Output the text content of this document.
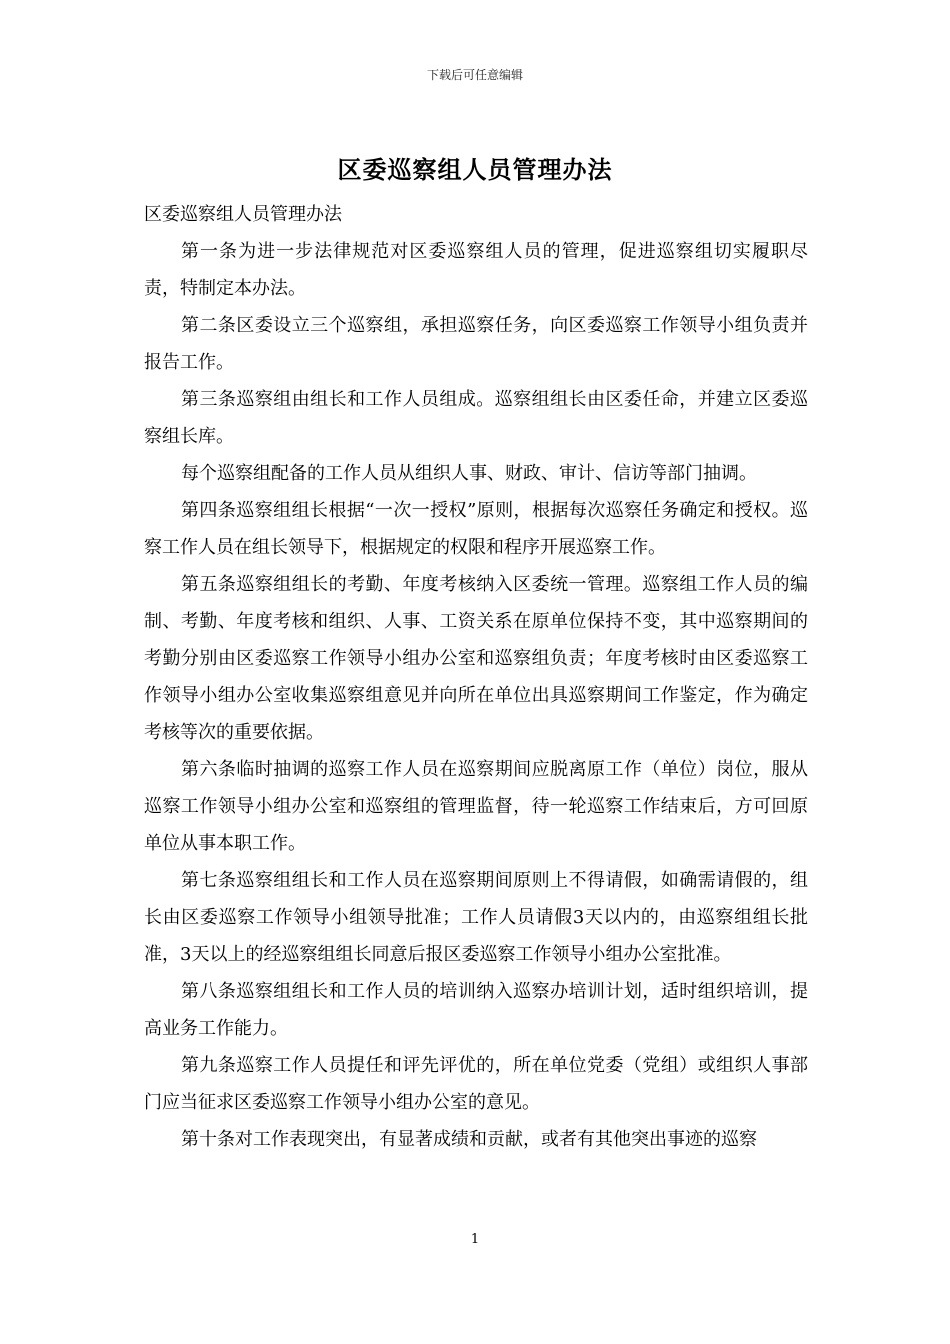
下载后可任意编辑
区委巡察组人员管理办法

区委巡察组人员管理办法

第一条为进一步法律规范对区委巡察组人员的管理，促进巡察组切实履职尽责，特制定本办法。

第二条区委设立三个巡察组，承担巡察任务，向区委巡察工作领导小组负责并报告工作。

第三条巡察组由组长和工作人员组成。巡察组组长由区委任命，并建立区委巡察组长库。

每个巡察组配备的工作人员从组织人事、财政、审计、信访等部门抽调。

第四条巡察组组长根据“一次一授权”原则，根据每次巡察任务确定和授权。巡察工作人员在组长领导下，根据规定的权限和程序开展巡察工作。

第五条巡察组组长的考勤、年度考核纳入区委统一管理。巡察组工作人员的编制、考勤、年度考核和组织、人事、工资关系在原单位保持不变，其中巡察期间的考勤分别由区委巡察工作领导小组办公室和巡察组负责；年度考核时由区委巡察工作领导小组办公室收集巡察组意见并向所在单位出具巡察期间工作鉴定，作为确定考核等次的重要依据。

第六条临时抽调的巡察工作人员在巡察期间应脱离原工作（单位）岗位，服从巡察工作领导小组办公室和巡察组的管理监督，待一轮巡察工作结束后，方可回原单位从事本职工作。

第七条巡察组组长和工作人员在巡察期间原则上不得请假，如确需请假的，组长由区委巡察工作领导小组领导批准；工作人员请假3天以内的，由巡察组组长批准，3天以上的经巡察组组长同意后报区委巡察工作领导小组办公室批准。

第八条巡察组组长和工作人员的培训纳入巡察办培训计划，适时组织培训，提高业务工作能力。

第九条巡察工作人员提任和评先评优的，所在单位党委（党组）或组织人事部门应当征求区委巡察工作领导小组办公室的意见。

第十条对工作表现突出，有显著成绩和贡献，或者有其他突出事迹的巡察

1
